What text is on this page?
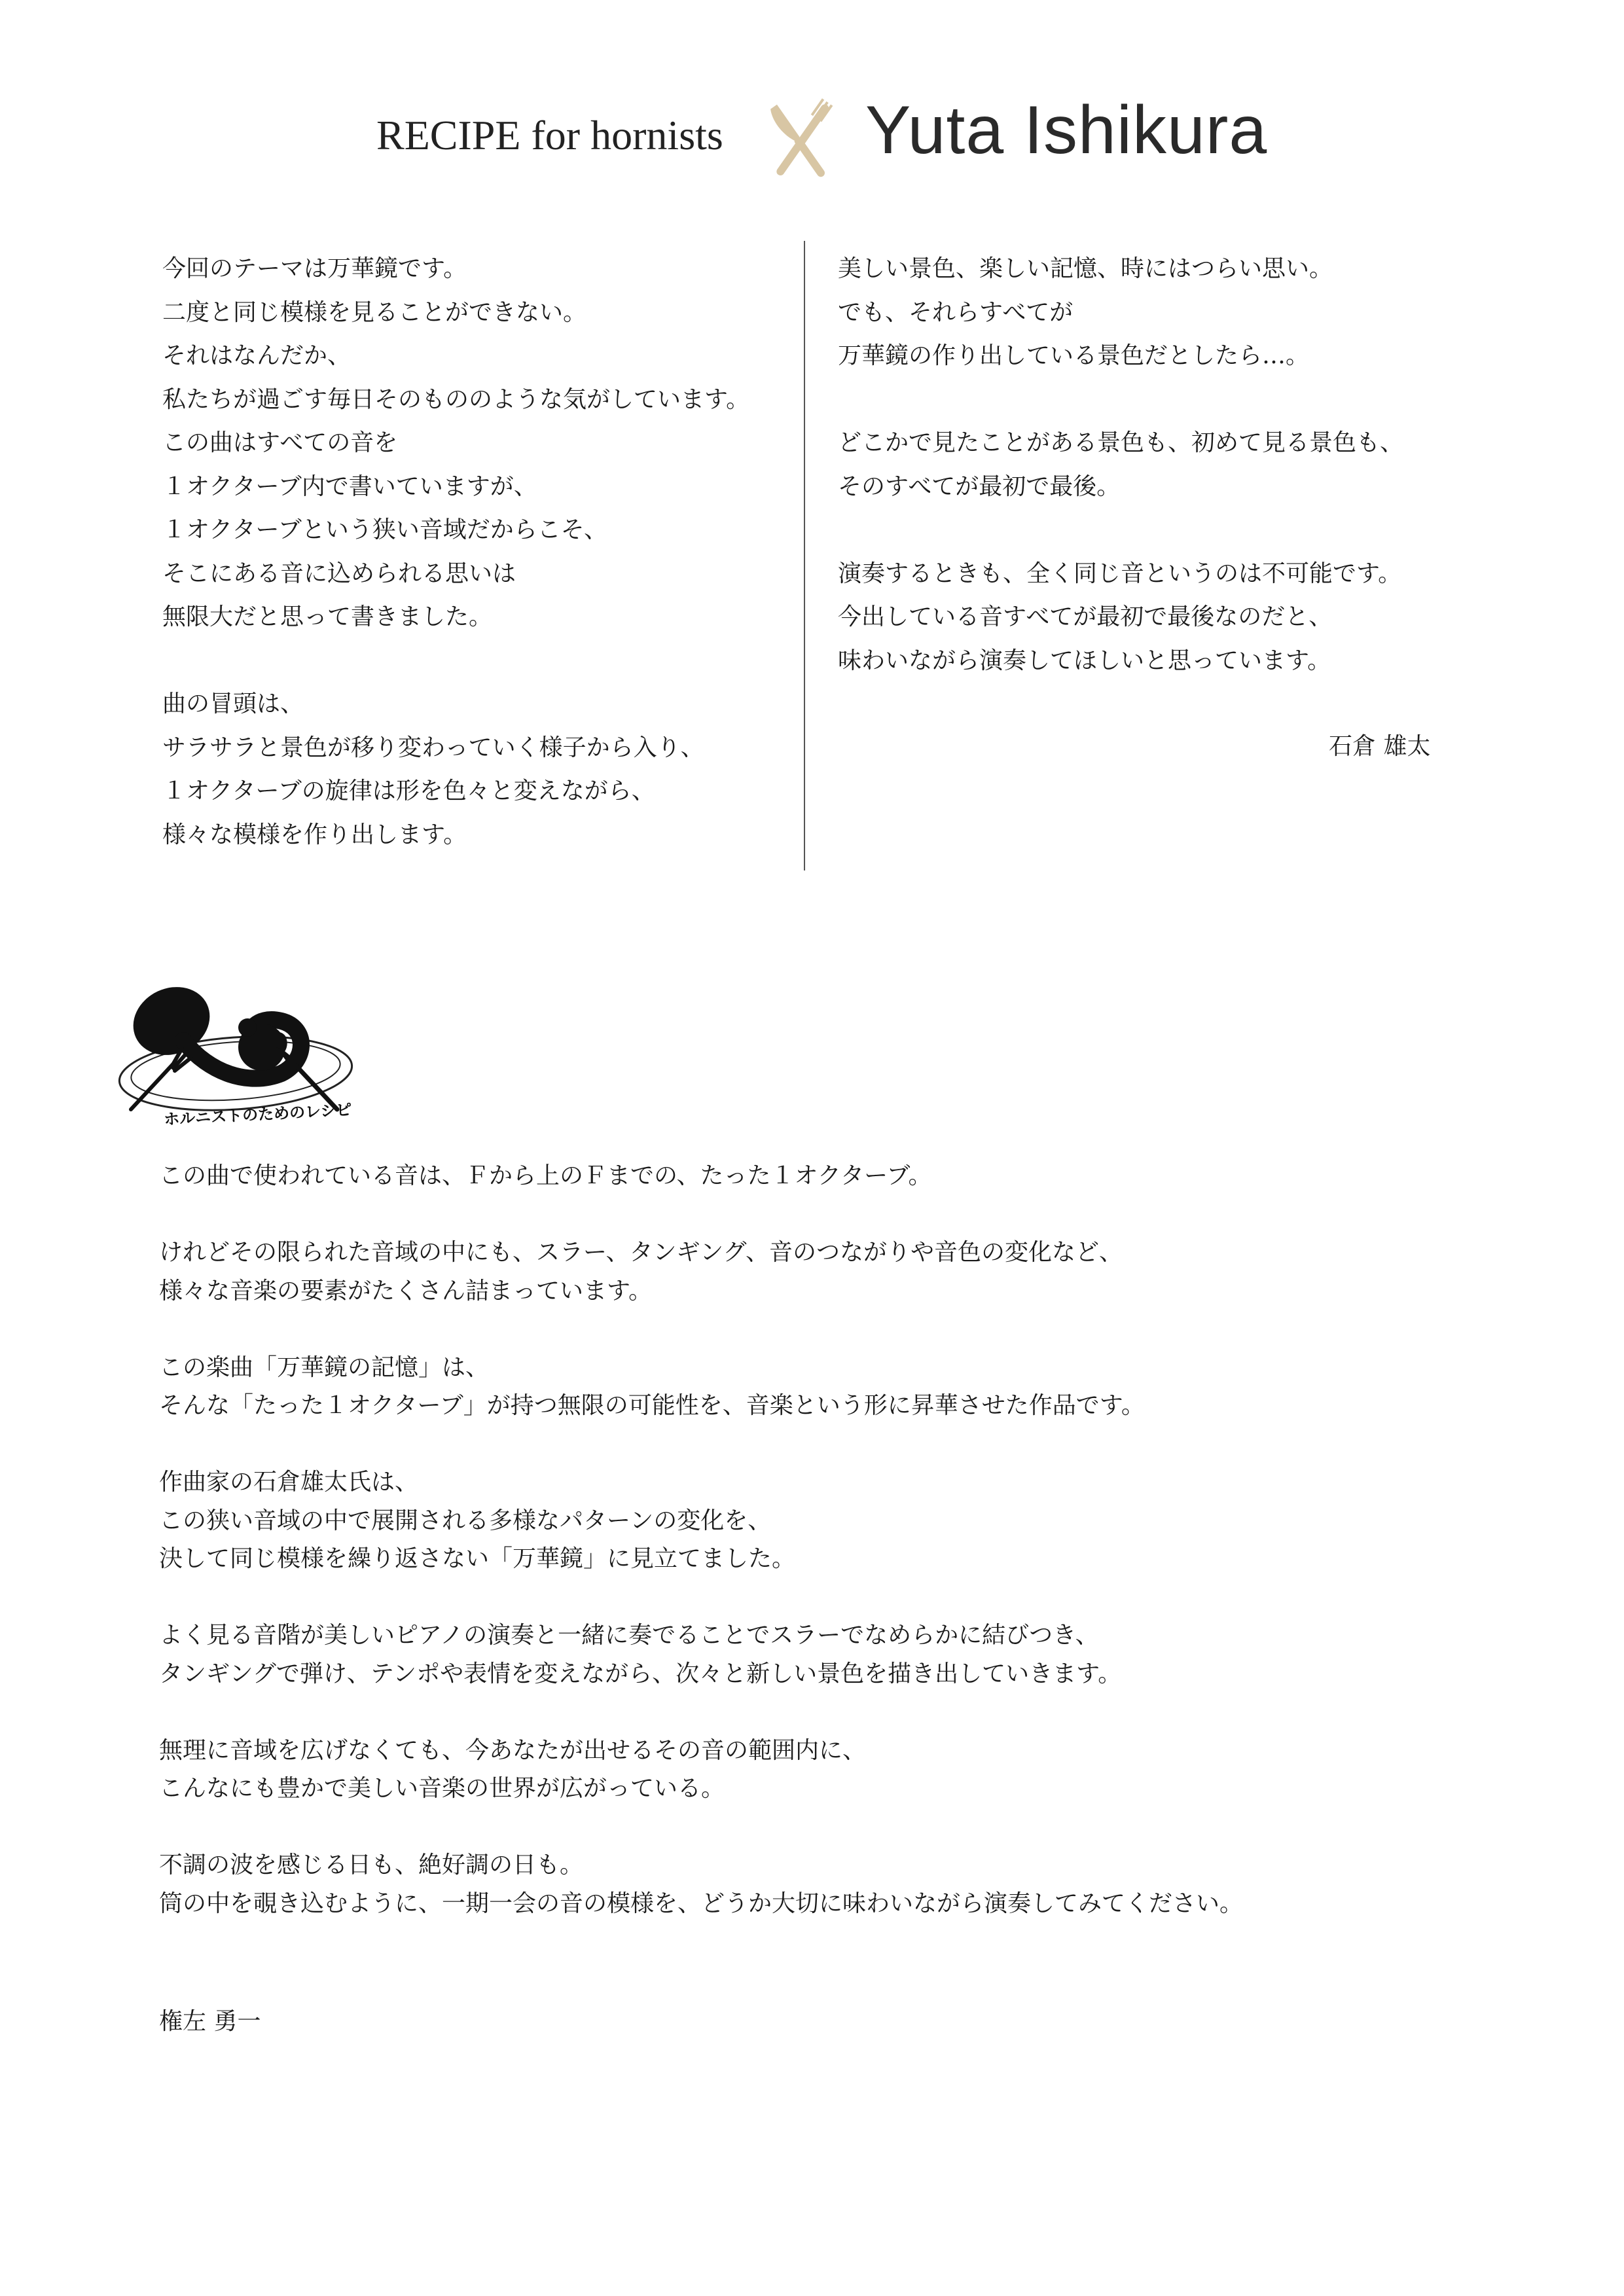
RECIPE for hornists Yuta Ishikura

今回のテーマは万華鏡です。

二度と同じ模様を見ることができない。

それはなんだか、

私たちが過ごす毎日そのもののような気がしています。

この曲はすべての音を

１オクターブ内で書いていますが、

１オクターブという狭い音域だからこそ、

そこにある音に込められる思いは

無限大だと思って書きました。

曲の冒頭は、

サラサラと景色が移り変わっていく様子から入り、

１オクターブの旋律は形を色々と変えながら、

様々な模様を作り出します。

美しい景色、楽しい記憶、時にはつらい思い。

でも、それらすべてが

万華鏡の作り出している景色だとしたら…。

どこかで見たことがある景色も、初めて見る景色も、

そのすべてが最初で最後。

演奏するときも、全く同じ音というのは不可能です。

今出している音すべてが最初で最後なのだと、

味わいながら演奏してほしいと思っています。

石倉 雄太
ホルニストのためのレシピ

この曲で使われている音は、Ｆから上のＦまでの、たった１オクターブ。

けれどその限られた音域の中にも、スラー、タンギング、音のつながりや音色の変化など、

様々な音楽の要素がたくさん詰まっています。

この楽曲「万華鏡の記憶」は、

そんな「たった１オクターブ」が持つ無限の可能性を、音楽という形に昇華させた作品です。

作曲家の石倉雄太氏は、

この狭い音域の中で展開される多様なパターンの変化を、

決して同じ模様を繰り返さない「万華鏡」に見立てました。

よく見る音階が美しいピアノの演奏と一緒に奏でることでスラーでなめらかに結びつき、

タンギングで弾け、テンポや表情を変えながら、次々と新しい景色を描き出していきます。

無理に音域を広げなくても、今あなたが出せるその音の範囲内に、

こんなにも豊かで美しい音楽の世界が広がっている。

不調の波を感じる日も、絶好調の日も。

筒の中を覗き込むように、一期一会の音の模様を、どうか大切に味わいながら演奏してみてください。

権左 勇一
